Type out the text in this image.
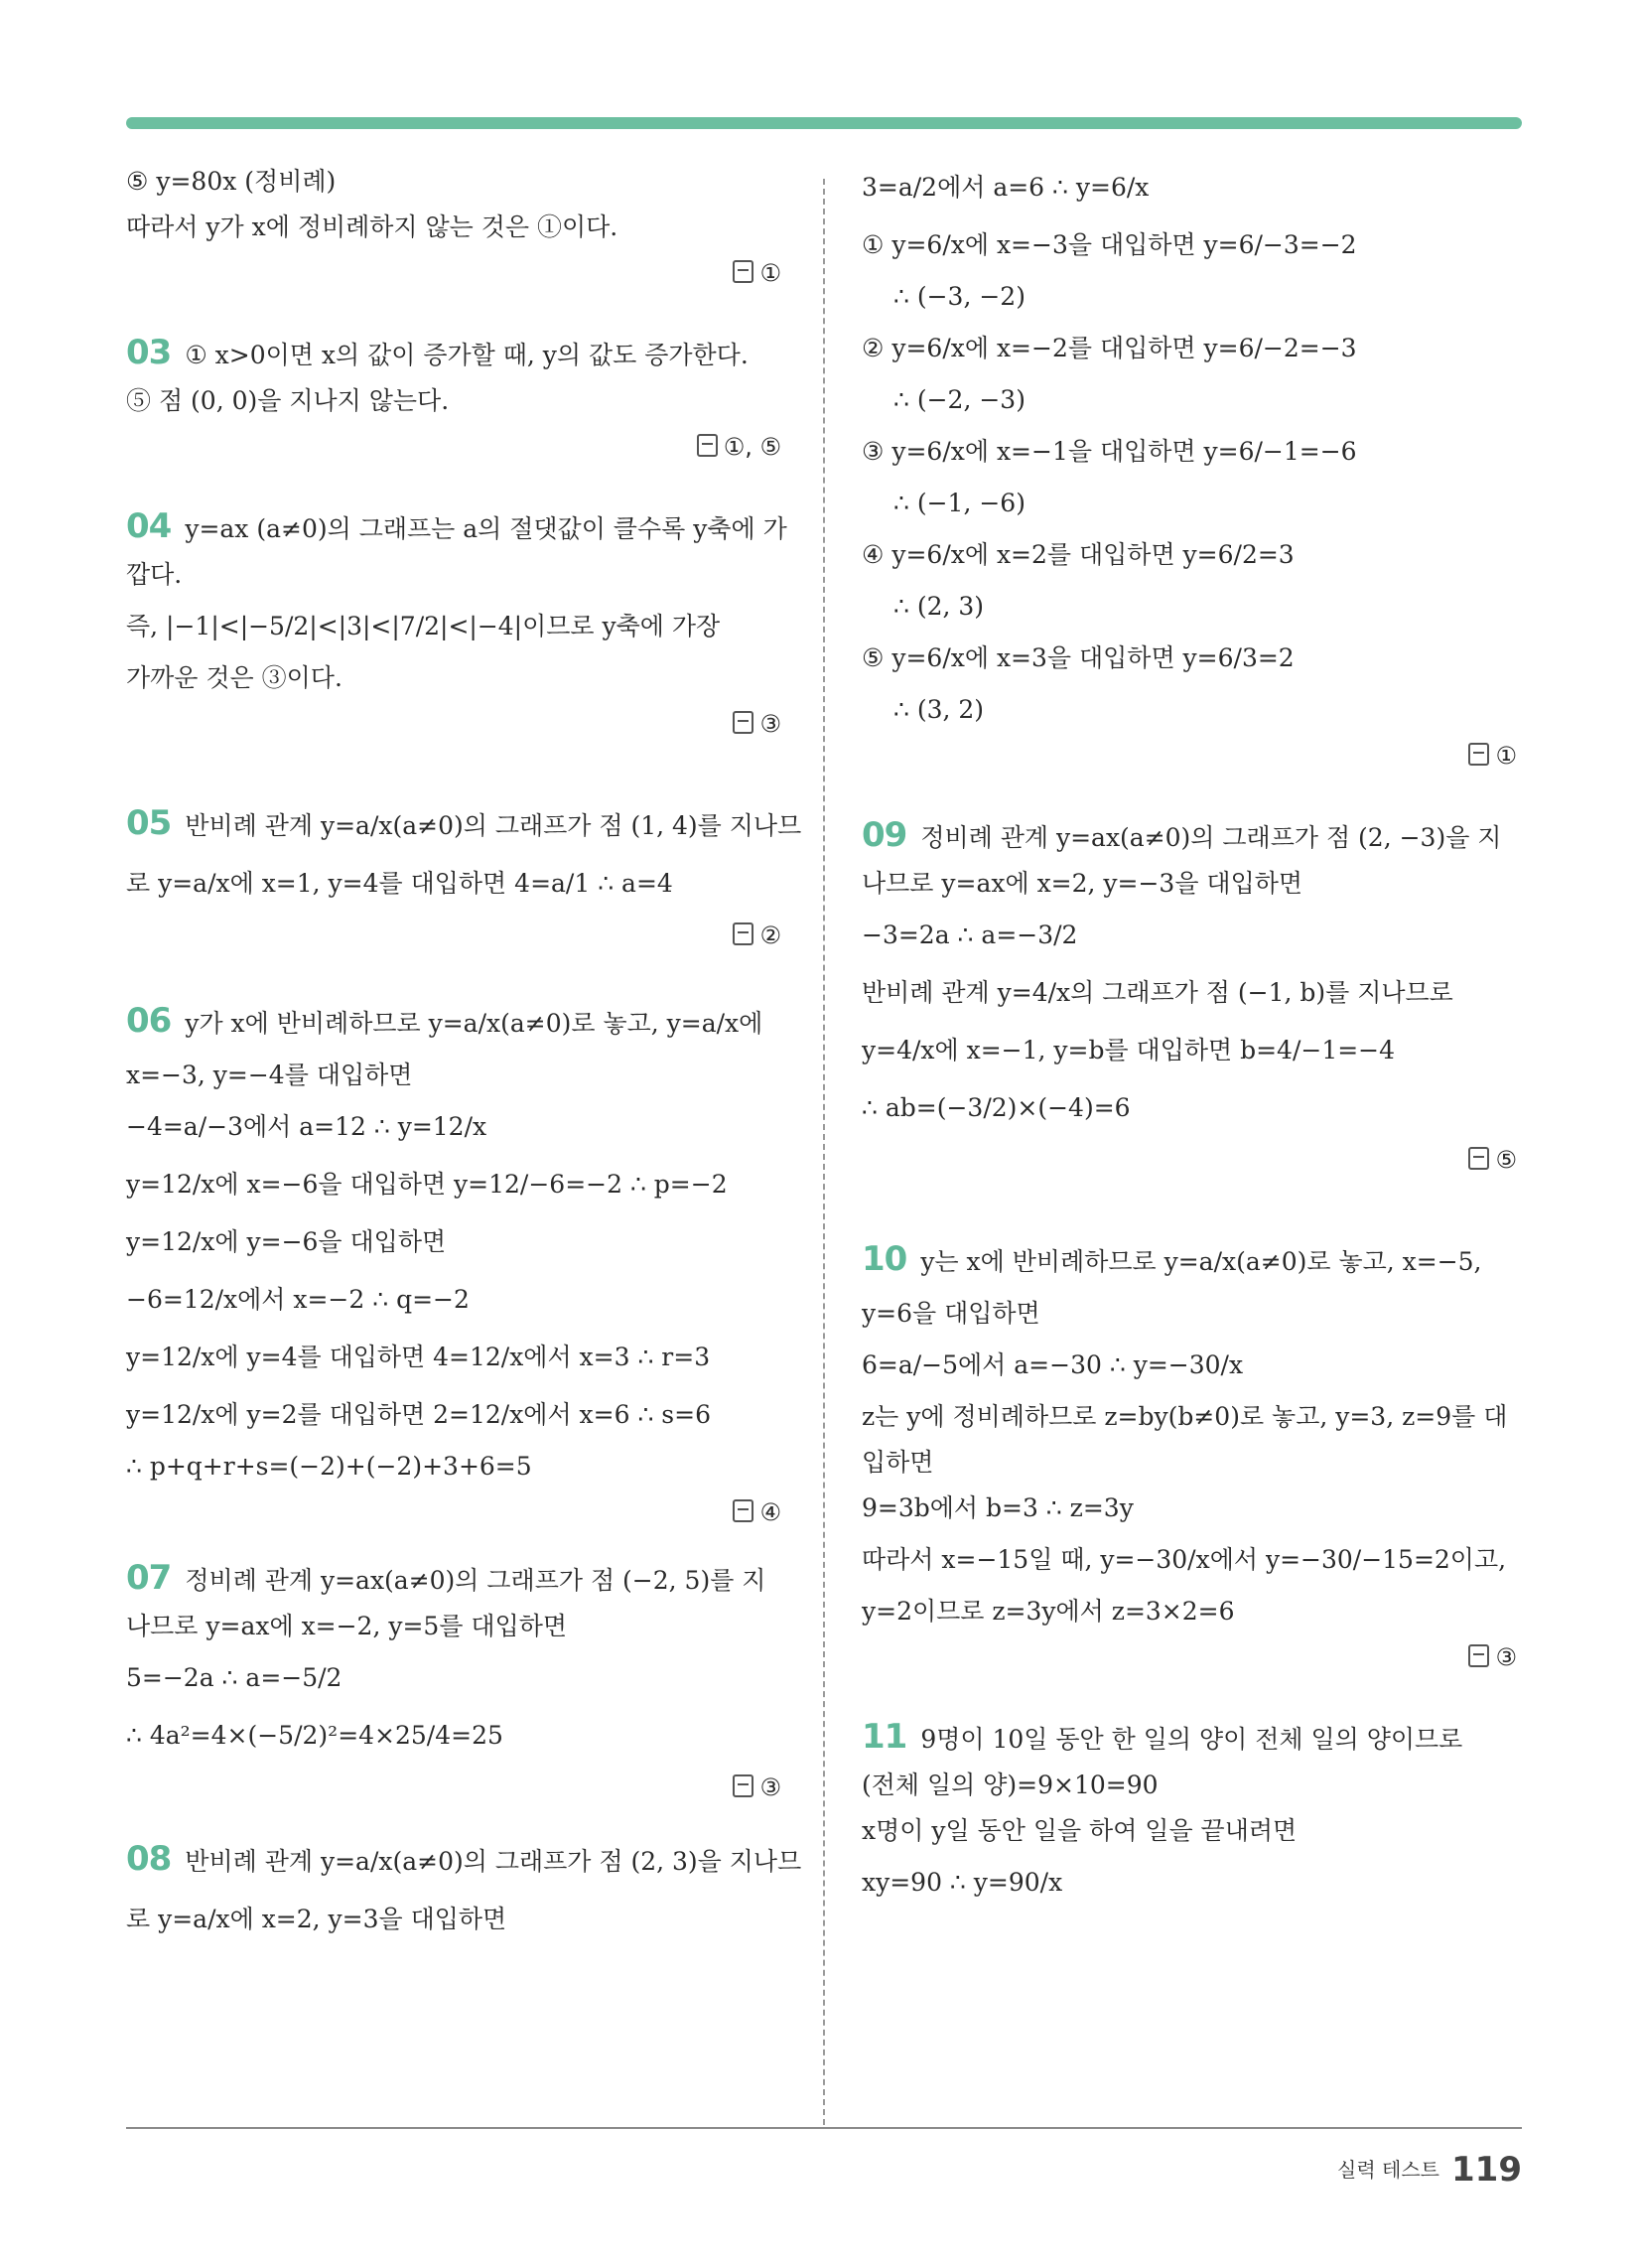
⑤ y=80x (정비례)
따라서 y가 x에 정비례하지 않는 것은 ①이다.
①
03 ① x>0이면 x의 값이 증가할 때, y의 값도 증가한다.
⑤ 점 (0, 0)을 지나지 않는다.
①, ⑤
04 y=ax (a≠0)의 그래프는 a의 절댓값이 클수록 y축에 가
깝다.
즉, |−1|<|−5/2|<|3|<|7/2|<|−4|이므로 y축에 가장
가까운 것은 ③이다.
③
05 반비례 관계 y=a/x(a≠0)의 그래프가 점 (1, 4)를 지나므
로 y=a/x에 x=1, y=4를 대입하면 4=a/1 ∴ a=4
②
06 y가 x에 반비례하므로 y=a/x(a≠0)로 놓고, y=a/x에
x=−3, y=−4를 대입하면
−4=a/−3에서 a=12 ∴ y=12/x
y=12/x에 x=−6을 대입하면 y=12/−6=−2 ∴ p=−2
y=12/x에 y=−6을 대입하면
−6=12/x에서 x=−2 ∴ q=−2
y=12/x에 y=4를 대입하면 4=12/x에서 x=3 ∴ r=3
y=12/x에 y=2를 대입하면 2=12/x에서 x=6 ∴ s=6
∴ p+q+r+s=(−2)+(−2)+3+6=5
④
07 정비례 관계 y=ax(a≠0)의 그래프가 점 (−2, 5)를 지
나므로 y=ax에 x=−2, y=5를 대입하면
5=−2a ∴ a=−5/2
∴ 4a²=4×(−5/2)²=4×25/4=25
③
08 반비례 관계 y=a/x(a≠0)의 그래프가 점 (2, 3)을 지나므
로 y=a/x에 x=2, y=3을 대입하면
3=a/2에서 a=6 ∴ y=6/x
① y=6/x에 x=−3을 대입하면 y=6/−3=−2
∴ (−3, −2)
② y=6/x에 x=−2를 대입하면 y=6/−2=−3
∴ (−2, −3)
③ y=6/x에 x=−1을 대입하면 y=6/−1=−6
∴ (−1, −6)
④ y=6/x에 x=2를 대입하면 y=6/2=3
∴ (2, 3)
⑤ y=6/x에 x=3을 대입하면 y=6/3=2
∴ (3, 2)
①
09 정비례 관계 y=ax(a≠0)의 그래프가 점 (2, −3)을 지
나므로 y=ax에 x=2, y=−3을 대입하면
−3=2a ∴ a=−3/2
반비례 관계 y=4/x의 그래프가 점 (−1, b)를 지나므로
y=4/x에 x=−1, y=b를 대입하면 b=4/−1=−4
∴ ab=(−3/2)×(−4)=6
⑤
10 y는 x에 반비례하므로 y=a/x(a≠0)로 놓고, x=−5,
y=6을 대입하면
6=a/−5에서 a=−30 ∴ y=−30/x
z는 y에 정비례하므로 z=by(b≠0)로 놓고, y=3, z=9를 대
입하면
9=3b에서 b=3 ∴ z=3y
따라서 x=−15일 때, y=−30/x에서 y=−30/−15=2이고,
y=2이므로 z=3y에서 z=3×2=6
③
11 9명이 10일 동안 한 일의 양이 전체 일의 양이므로
(전체 일의 양)=9×10=90
x명이 y일 동안 일을 하여 일을 끝내려면
xy=90 ∴ y=90/x
실력 테스트 119
